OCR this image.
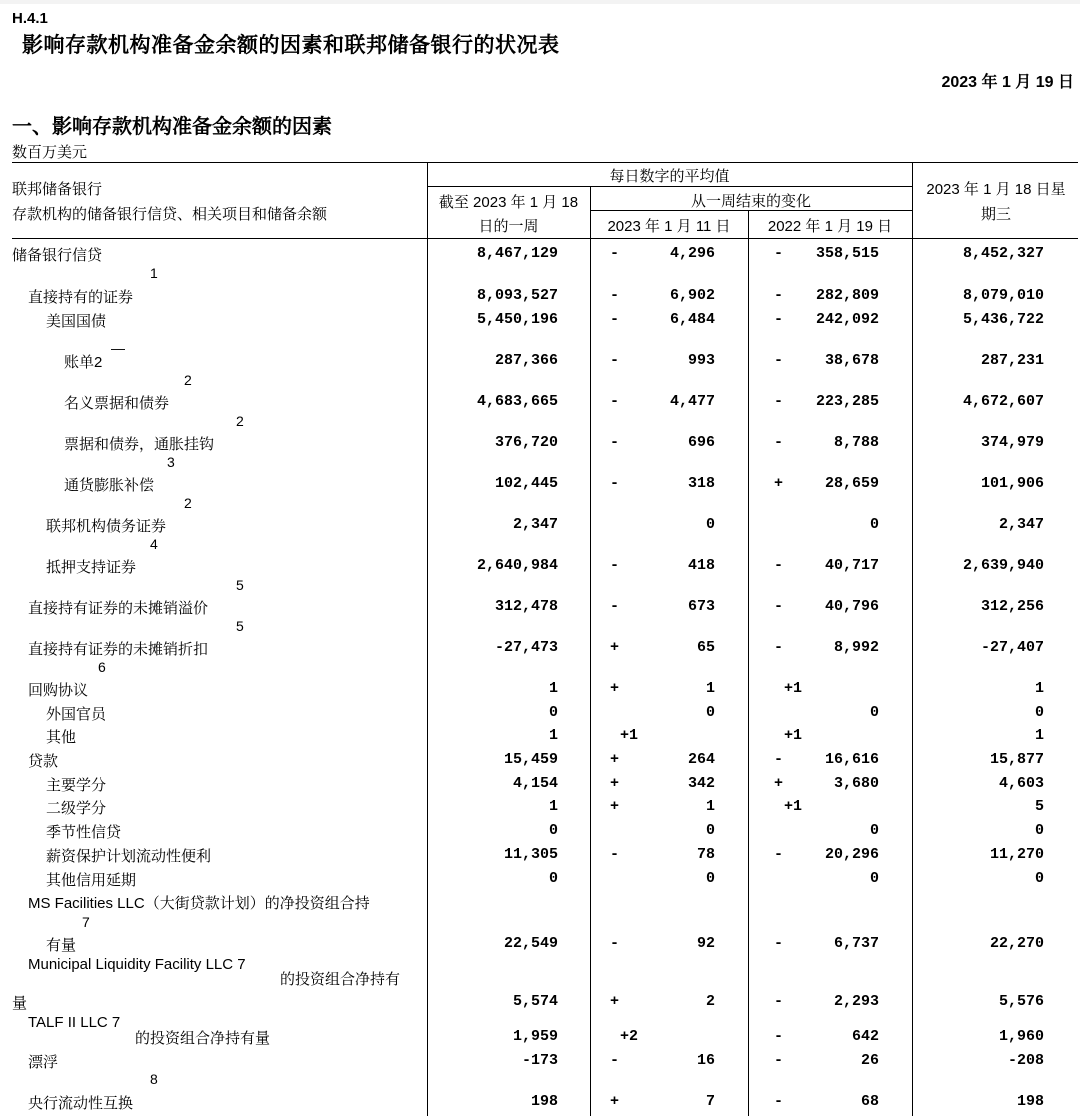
H.4.1
影响存款机构准备金余额的因素和联邦储备银行的状况表
2023 年 1 月 19 日
一、影响存款机构准备金余额的因素
数百万美元
联邦储备银行
存款机构的储备银行信贷、相关项目和储备余额
每日数字的平均值
截至 2023 年 1 月 18
日的一周
从一周结束的变化
2023 年 1 月 11 日	2022 年 1 月 19 日
2023 年 1 月 18 日星
期三
储备银行信贷	8,467,129	-	4,296	- 358,515	8,452,327
1
直接持有的证券	8,093,527	-	6,902	- 282,809	8,079,010
美国国债	5,450,196	-	6,484	- 242,092	5,436,722
—
账单2	287,366	-	993	-	38,678	287,231
2
名义票据和债券	4,683,665	-	4,477	- 223,285	4,672,607
2
票据和债券，通胀挂钩	376,720	-	696	-	8,788	374,979
3
通货膨胀补偿	102,445	-	318	+	28,659	101,906
2
联邦机构债务证券	2,347	0	0	2,347
4
抵押支持证券	2,640,984	-	418	-	40,717	2,639,940
5
直接持有证券的未摊销溢价	312,478	-	673	-	40,796	312,256
5
直接持有证券的未摊销折扣	-27,473	+	65	-	8,992	-27,407
6
回购协议	1	+	1	+1	1
外国官员	0	0	0	0
其他	1	+1	+1	1
贷款	15,459	+	264	-	16,616	15,877
主要学分	4,154	+	342	+	3,680	4,603
二级学分	1	+	1	+1	5
季节性信贷	0	0	0	0
薪资保护计划流动性便利	11,305	-	78	-	20,296	11,270
其他信用延期	0	0	0	0
MS Facilities LLC（大街贷款计划）的净投资组合持
7
有量	22,549	-	92	-	6,737	22,270
Municipal Liquidity Facility LLC 7
的投资组合净持有
量	5,574	+	2	-	2,293	5,576
TALF II LLC 7
的投资组合净持有量	1,959	+2	-	642	1,960
漂浮	-173	-	16	-	26	-208
8
央行流动性互换	198	+	7	-	68	198
